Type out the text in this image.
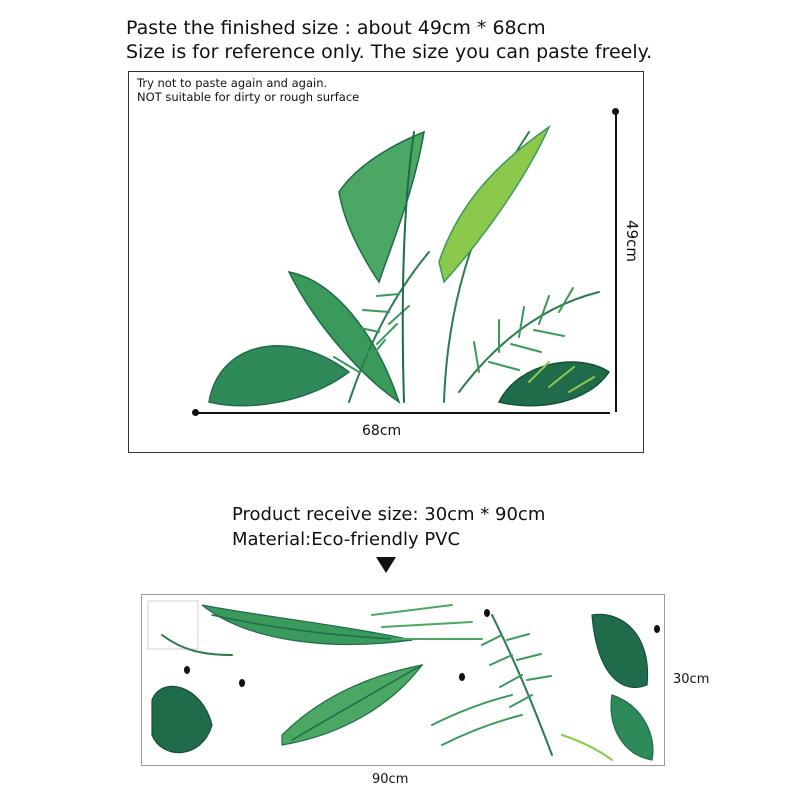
Paste the finished size : about 49cm * 68cm
Size is for reference only. The size you can paste freely.
Try not to paste again and again.
NOT suitable for dirty or rough surface
68cm
49cm
Product receive size: 30cm * 90cm
Material:Eco-friendly PVC
30cm
90cm
